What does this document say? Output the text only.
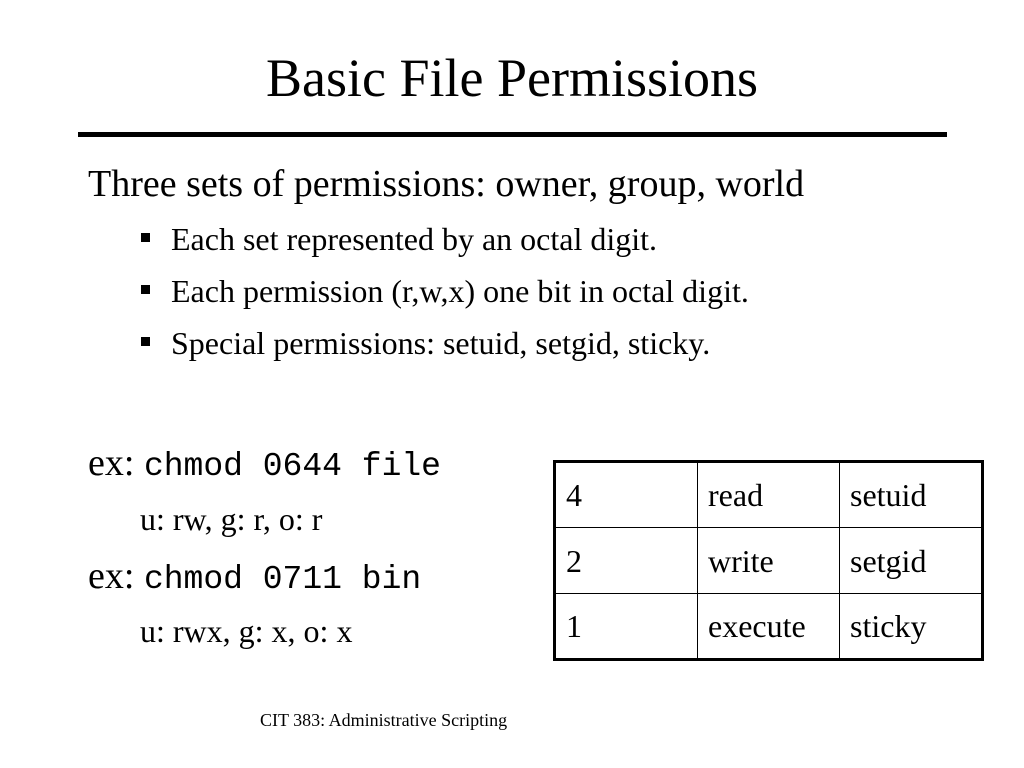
Basic File Permissions
Three sets of permissions: owner, group, world
Each set represented by an octal digit.
Each permission (r,w,x) one bit in octal digit.
Special permissions: setuid, setgid, sticky.
ex: chmod 0644 file
u: rw, g: r, o: r
ex: chmod 0711 bin
u: rwx, g: x, o: x
4	read	setuid
2	write	setgid
1	execute	sticky
CIT 383: Administrative Scripting
